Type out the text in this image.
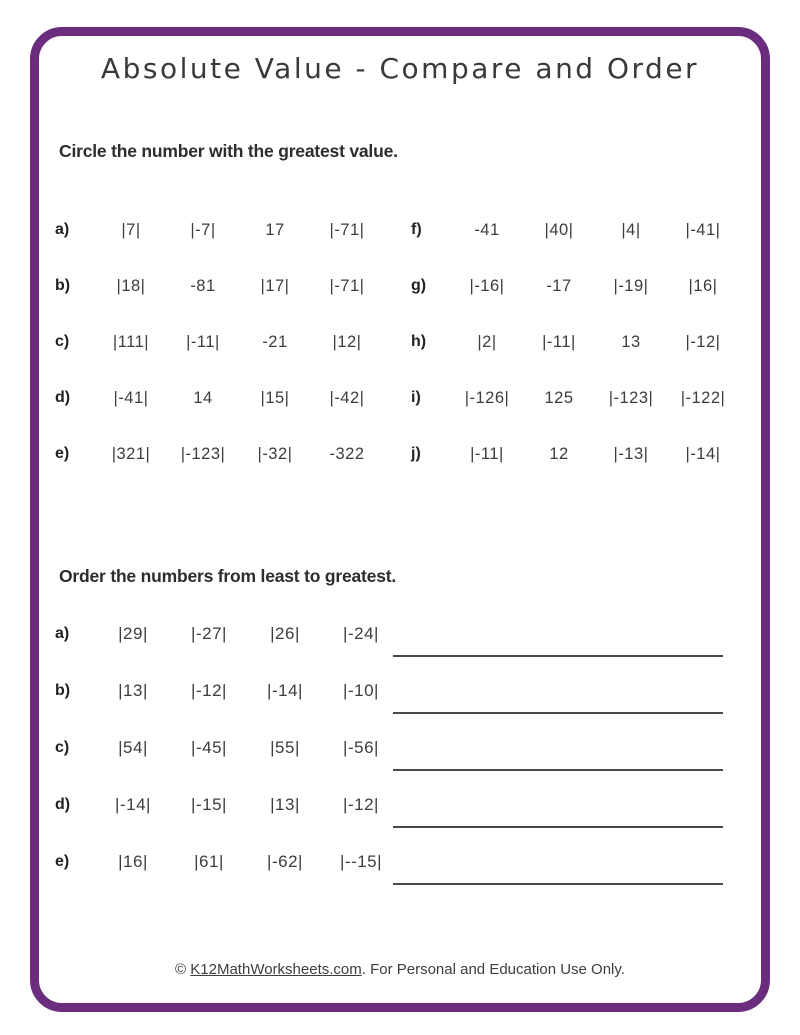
Absolute Value - Compare and Order
Circle the number with the greatest value.
a)	|7|	|-7|	17	|-71|
b)	|18|	-81	|17|	|-71|
c)	|111|	|-11|	-21	|12|
d)	|-41|	14	|15|	|-42|
e)	|321|	|-123|	|-32|	-322
f)	-41	|40|	|4|	|-41|
g)	|-16|	-17	|-19|	|16|
h)	|2|	|-11|	13	|-12|
i)	|-126|	125	|-123|	|-122|
j)	|-11|	12	|-13|	|-14|
Order the numbers from least to greatest.
a)	|29|	|-27|	|26|	|-24|
b)	|13|	|-12|	|-14|	|-10|
c)	|54|	|-45|	|55|	|-56|
d)	|-14|	|-15|	|13|	|-12|
e)	|16|	|61|	|-62|	|--15|
© K12MathWorksheets.com. For Personal and Education Use Only.
